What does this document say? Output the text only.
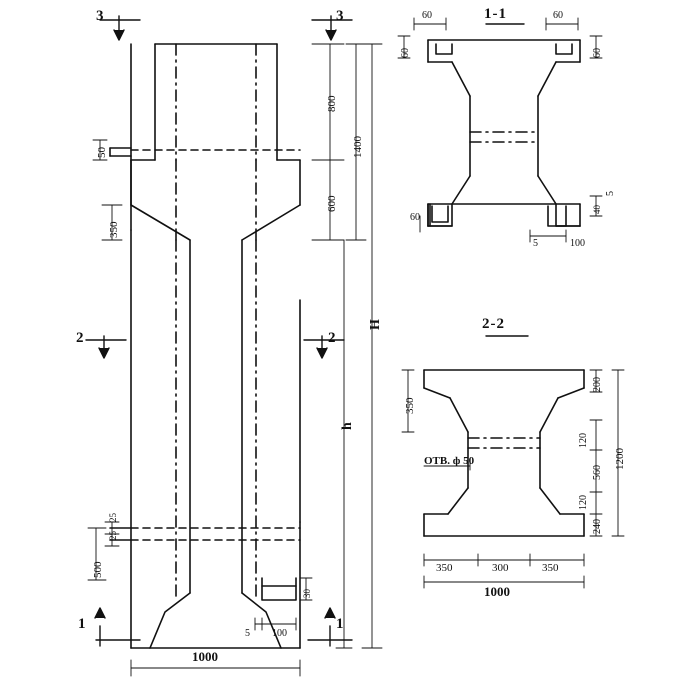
3	3
2	2
1	1
1-1
2-2
800
1400
600
350
50
H
h
500
25
25
30
5 100
1000
60	60
60	60
60
5	100
5
40
350
200
120
560
120
240
1200
350	300	350
1000
ОТВ. ф 50
